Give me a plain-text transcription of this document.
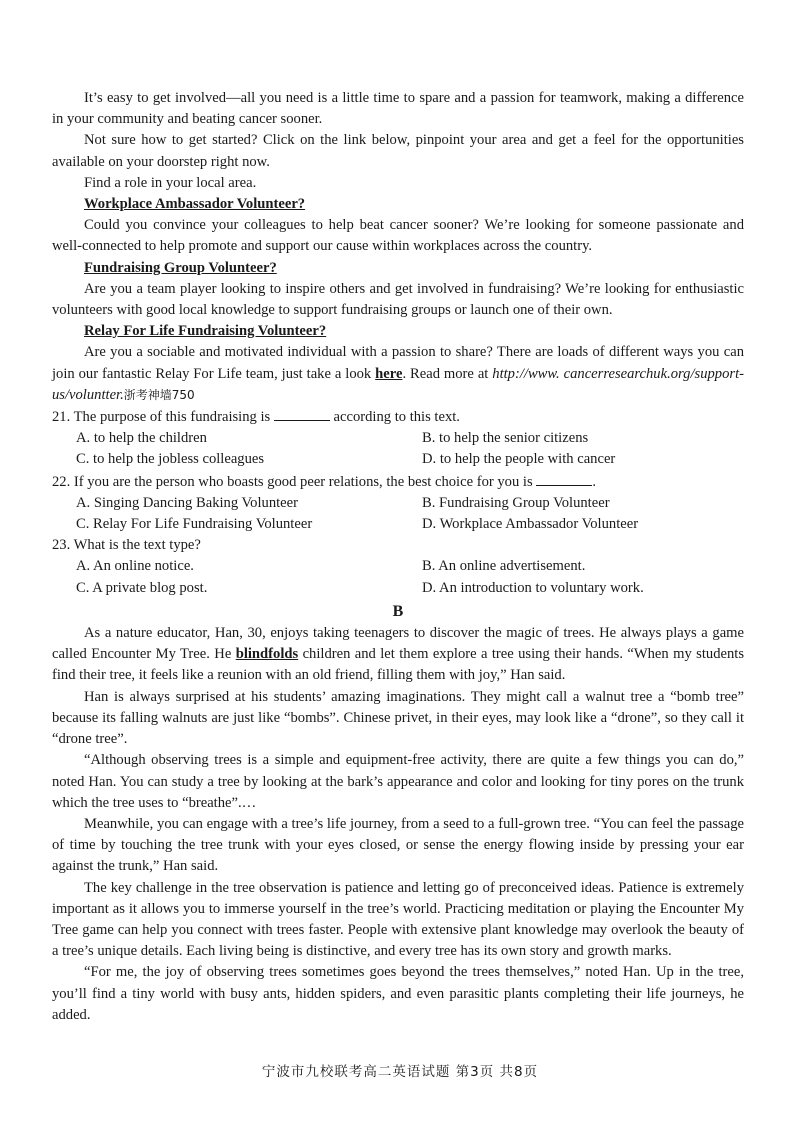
It’s easy to get involved—all you need is a little time to spare and a passion for teamwork, making a difference in your community and beating cancer sooner.

Not sure how to get started? Click on the link below, pinpoint your area and get a feel for the opportunities available on your doorstep right now.

Find a role in your local area.

Workplace Ambassador Volunteer?

Could you convince your colleagues to help beat cancer sooner? We’re looking for someone passionate and well-connected to help promote and support our cause within workplaces across the country.

Fundraising Group Volunteer?

Are you a team player looking to inspire others and get involved in fundraising? We’re looking for enthusiastic volunteers with good local knowledge to support fundraising groups or launch one of their own.

Relay For Life Fundraising Volunteer?

Are you a sociable and motivated individual with a passion to share? There are loads of different ways you can join our fantastic Relay For Life team, just take a look here. Read more at http://www. cancerresearchuk.org/support-us/voluntter.浙考神墙750

21. The purpose of this fundraising is	according to this text.

A. to help the children	B. to help the senior citizens
C. to help the jobless colleagues	D. to help the people with cancer

22. If you are the person who boasts good peer relations, the best choice for you is	.

A. Singing Dancing Baking Volunteer	B. Fundraising Group Volunteer
C. Relay For Life Fundraising Volunteer	D. Workplace Ambassador Volunteer

23. What is the text type?

A. An online notice.	B. An online advertisement.
C. A private blog post.	D. An introduction to voluntary work.

B

As a nature educator, Han, 30, enjoys taking teenagers to discover the magic of trees. He always plays a game called Encounter My Tree. He blindfolds children and let them explore a tree using their hands. “When my students find their tree, it feels like a reunion with an old friend, filling them with joy,” Han said.

Han is always surprised at his students’ amazing imaginations. They might call a walnut tree a “bomb tree” because its falling walnuts are just like “bombs”. Chinese privet, in their eyes, may look like a “drone”, so they call it “drone tree”.

“Although observing trees is a simple and equipment-free activity, there are quite a few things you can do,” noted Han. You can study a tree by looking at the bark’s appearance and color and looking for tiny pores on the trunk which the tree uses to “breathe”.…

Meanwhile, you can engage with a tree’s life journey, from a seed to a full-grown tree. “You can feel the passage of time by touching the tree trunk with your eyes closed, or sense the energy flowing inside by pressing your ear against the trunk,” Han said.

The key challenge in the tree observation is patience and letting go of preconceived ideas. Patience is extremely important as it allows you to immerse yourself in the tree’s world. Practicing meditation or playing the Encounter My Tree game can help you connect with trees faster. People with extensive plant knowledge may overlook the beauty of a tree’s unique details. Each living being is distinctive, and every tree has its own story and growth marks.

“For me, the joy of observing trees sometimes goes beyond the trees themselves,” noted Han. Up in the tree, you’ll find a tiny world with busy ants, hidden spiders, and even parasitic plants completing their life journeys, he added.

宁波市九校联考高二英语试题 第3页 共8页
